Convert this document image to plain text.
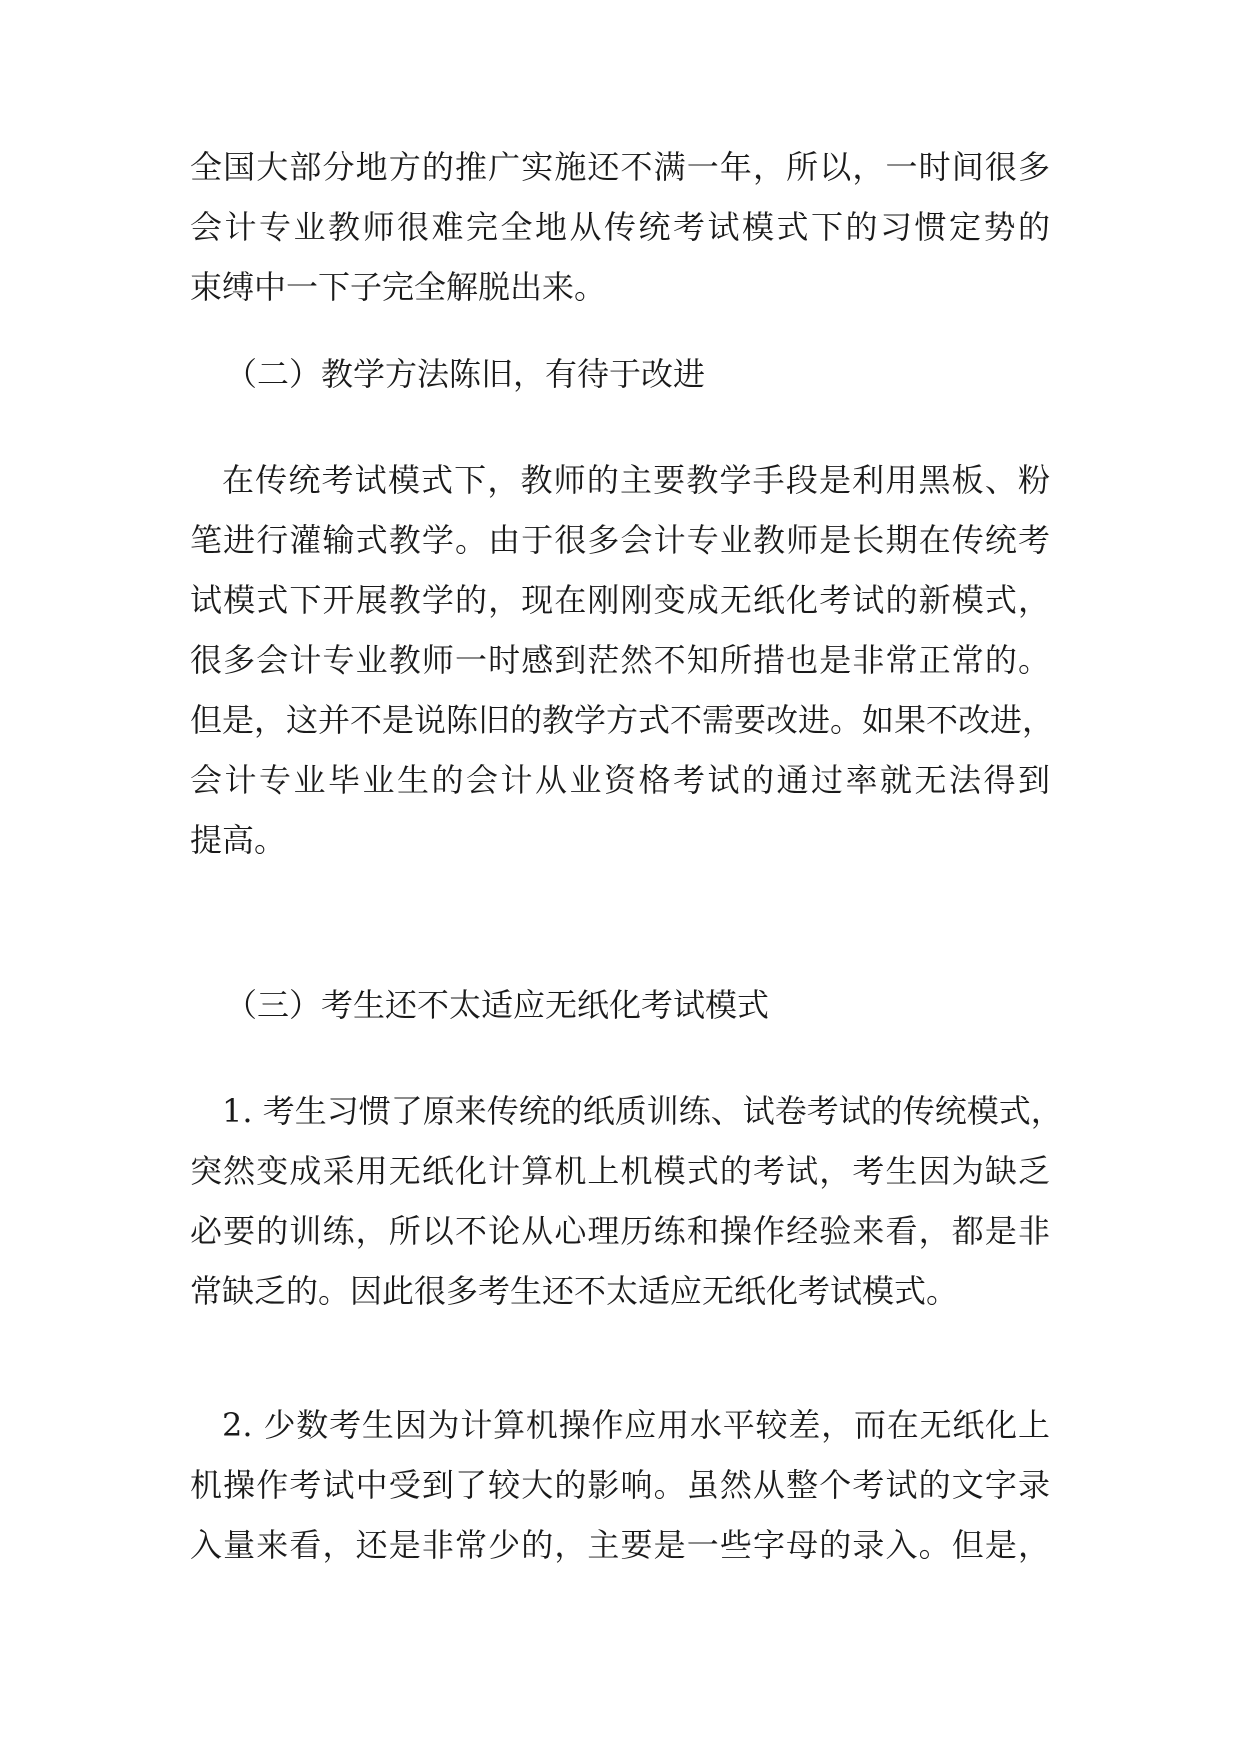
全国大部分地方的推广实施还不满一年，所以，一时间很多
会计专业教师很难完全地从传统考试模式下的习惯定势的
束缚中一下子完全解脱出来。
（二）教学方法陈旧，有待于改进
在传统考试模式下，教师的主要教学手段是利用黑板、粉
笔进行灌输式教学。由于很多会计专业教师是长期在传统考
试模式下开展教学的，现在刚刚变成无纸化考试的新模式，
很多会计专业教师一时感到茫然不知所措也是非常正常的。
但是，这并不是说陈旧的教学方式不需要改进。如果不改进，
会计专业毕业生的会计从业资格考试的通过率就无法得到
提高。
（三）考生还不太适应无纸化考试模式
1. 考生习惯了原来传统的纸质训练、试卷考试的传统模式，
突然变成采用无纸化计算机上机模式的考试，考生因为缺乏
必要的训练，所以不论从心理历练和操作经验来看，都是非
常缺乏的。因此很多考生还不太适应无纸化考试模式。
2. 少数考生因为计算机操作应用水平较差，而在无纸化上
机操作考试中受到了较大的影响。虽然从整个考试的文字录
入量来看，还是非常少的，主要是一些字母的录入。但是，
